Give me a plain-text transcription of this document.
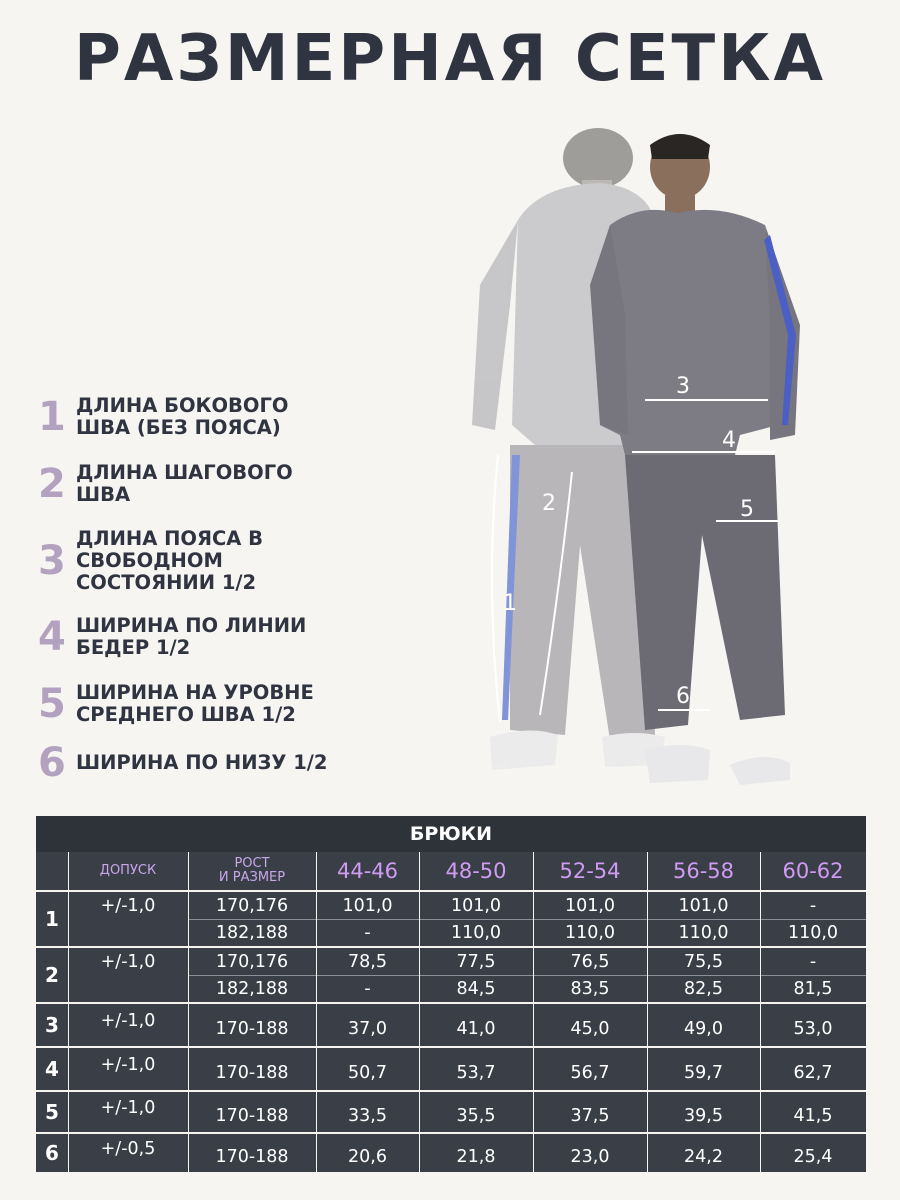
РАЗМЕРНАЯ СЕТКА
1 ДЛИНА БОКОВОГО ШВА (БЕЗ ПОЯСА)
2 ДЛИНА ШАГОВОГО ШВА
3 ДЛИНА ПОЯСА В СВОБОДНОМ СОСТОЯНИИ 1/2
4 ШИРИНА ПО ЛИНИИ БЕДЕР 1/2
5 ШИРИНА НА УРОВНЕ СРЕДНЕГО ШВА 1/2
6 ШИРИНА ПО НИЗУ 1/2
1
2
3
4
5
6
БРЮКИ
ДОПУСК	РОСТ
И РАЗМЕР	44-46	48-50	52-54	56-58	60-62
1
+/-1,0	170,176	101,0	101,0	101,0	101,0	-
182,188	-	110,0	110,0	110,0	110,0
2
+/-1,0	170,176	78,5	77,5	76,5	75,5	-
182,188	-	84,5	83,5	82,5	81,5
3	+/-1,0	170-188	37,0	41,0	45,0	49,0	53,0
4	+/-1,0	170-188	50,7	53,7	56,7	59,7	62,7
5	+/-1,0	170-188	33,5	35,5	37,5	39,5	41,5
6	+/-0,5	170-188	20,6	21,8	23,0	24,2	25,4
